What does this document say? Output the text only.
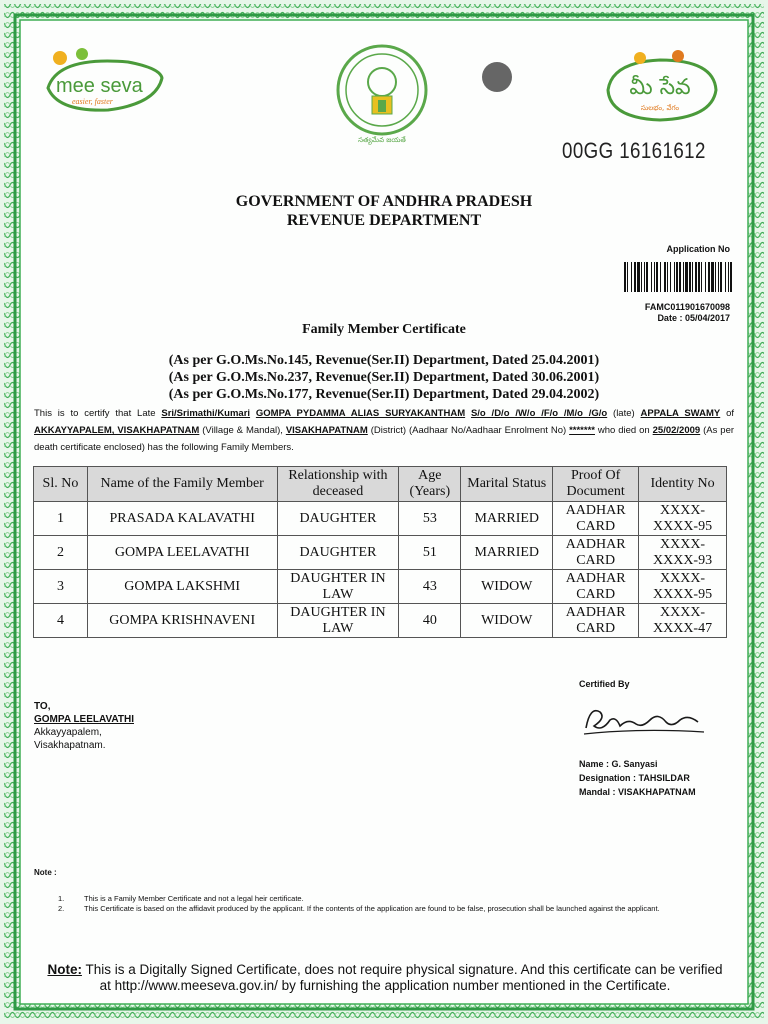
mee seva
easier, faster
సత్యమేవ జయతే
మీ సేవ
సులభం, వేగం
00GG 16161612
GOVERNMENT OF ANDHRA PRADESH
REVENUE DEPARTMENT
Application No
FAMC011901670098
Date : 05/04/2017
Family Member Certificate
(As per G.O.Ms.No.145, Revenue(Ser.II) Department, Dated 25.04.2001)
(As per G.O.Ms.No.237, Revenue(Ser.II) Department, Dated 30.06.2001)
(As per G.O.Ms.No.177, Revenue(Ser.II) Department, Dated 29.04.2002)
This is to certify that Late Sri/Srimathi/Kumari GOMPA PYDAMMA ALIAS SURYAKANTHAM S/o /D/o /W/o /F/o /M/o /G/o (late) APPALA SWAMY of AKKAYYAPALEM, VISAKHAPATNAM (Village & Mandal), VISAKHAPATNAM (District) (Aadhaar No/Aadhaar Enrolment No) ******* who died on 25/02/2009 (As per death certificate enclosed) has the following Family Members.
Sl. No	Name of the Family Member	Relationship with deceased	Age (Years)	Marital Status	Proof Of Document	Identity No
1	PRASADA KALAVATHI	DAUGHTER	53	MARRIED	AADHAR CARD	XXXX-XXXX-95
2	GOMPA LEELAVATHI	DAUGHTER	51	MARRIED	AADHAR CARD	XXXX-XXXX-93
3	GOMPA LAKSHMI	DAUGHTER IN LAW	43	WIDOW	AADHAR CARD	XXXX-XXXX-95
4	GOMPA KRISHNAVENI	DAUGHTER IN LAW	40	WIDOW	AADHAR CARD	XXXX-XXXX-47
Certified By
Name : G. Sanyasi
Designation : TAHSILDAR
Mandal : VISAKHAPATNAM
TO,
GOMPA LEELAVATHI
Akkayyapalem,
Visakhapatnam.
Note :
1.	This is a Family Member Certificate and not a legal heir certificate.
2.	This Certificate is based on the affidavit produced by the applicant. If the contents of the application are found to be false, prosecution shall be launched against the applicant.
Note: This is a Digitally Signed Certificate, does not require physical signature. And this certificate can be verified
at http://www.meeseva.gov.in/ by furnishing the application number mentioned in the Certificate.
